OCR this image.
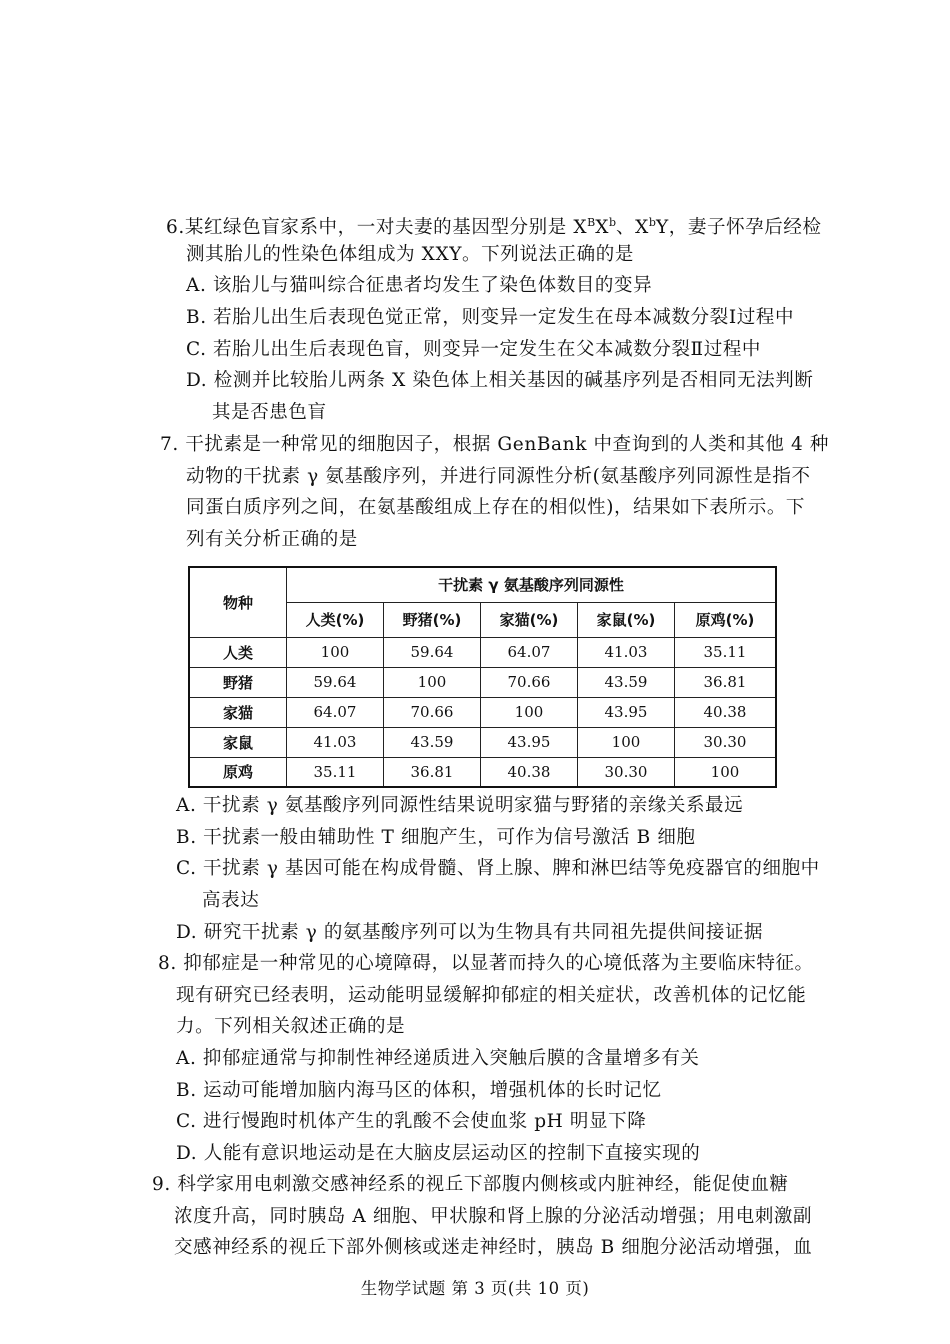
6.某红绿色盲家系中，一对夫妻的基因型分别是 $X^BX^b$、$X^bY$，妻子怀孕后经检
测其胎儿的性染色体组成为 XXY。下列说法正确的是
A. 该胎儿与猫叫综合征患者均发生了染色体数目的变异
B. 若胎儿出生后表现色觉正常，则变异一定发生在母本减数分裂Ⅰ过程中
C. 若胎儿出生后表现色盲，则变异一定发生在父本减数分裂Ⅱ过程中
D. 检测并比较胎儿两条 X 染色体上相关基因的碱基序列是否相同无法判断
其是否患色盲
7. 干扰素是一种常见的细胞因子，根据 GenBank 中查询到的人类和其他 4 种
动物的干扰素 γ 氨基酸序列，并进行同源性分析(氨基酸序列同源性是指不
同蛋白质序列之间，在氨基酸组成上存在的相似性)，结果如下表所示。下
列有关分析正确的是
物种	干扰素 γ 氨基酸序列同源性				
	人类(%)	野猪(%)	家猫(%)	家鼠(%)	原鸡(%)
人类	100	59.64	64.07	41.03	35.11
野猪	59.64	100	70.66	43.59	36.81
家猫	64.07	70.66	100	43.95	40.38
家鼠	41.03	43.59	43.95	100	30.30
原鸡	35.11	36.81	40.38	30.30	100
A. 干扰素 γ 氨基酸序列同源性结果说明家猫与野猪的亲缘关系最远
B. 干扰素一般由辅助性 T 细胞产生，可作为信号激活 B 细胞
C. 干扰素 γ 基因可能在构成骨髓、肾上腺、脾和淋巴结等免疫器官的细胞中
高表达
D. 研究干扰素 γ 的氨基酸序列可以为生物具有共同祖先提供间接证据
8. 抑郁症是一种常见的心境障碍，以显著而持久的心境低落为主要临床特征。
现有研究已经表明，运动能明显缓解抑郁症的相关症状，改善机体的记忆能
力。下列相关叙述正确的是
A. 抑郁症通常与抑制性神经递质进入突触后膜的含量增多有关
B. 运动可能增加脑内海马区的体积，增强机体的长时记忆
C. 进行慢跑时机体产生的乳酸不会使血浆 pH 明显下降
D. 人能有意识地运动是在大脑皮层运动区的控制下直接实现的
9. 科学家用电刺激交感神经系的视丘下部腹内侧核或内脏神经，能促使血糖
浓度升高，同时胰岛 A 细胞、甲状腺和肾上腺的分泌活动增强；用电刺激副
交感神经系的视丘下部外侧核或迷走神经时，胰岛 B 细胞分泌活动增强，血
生物学试题 第 3 页(共 10 页)
